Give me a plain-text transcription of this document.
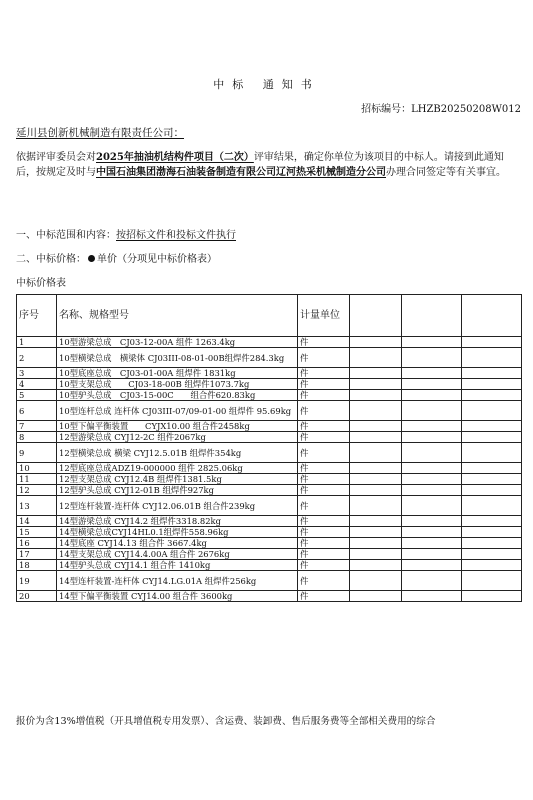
中标 通知书
招标编号：LHZB20250208W012
延川县创新机械制造有限责任公司：
依据评审委员会对2025年抽油机结构件项目（二次）评审结果，确定你单位为该项目的中标人。请接到此通知后，按规定及时与中国石油集团渤海石油装备制造有限公司辽河热采机械制造分公司办理合同签定等有关事宜。
一、中标范围和内容：按招标文件和投标文件执行
二、中标价格： 单价（分项见中标价格表）
中标价格表
序号	名称、规格型号	计量单位	

1	10型游梁总成　CJ03-12-00A 组件 1263.4kg	件	

2	10型横梁总成　横梁体 CJ03III-08-01-00B组焊件284.3kg	件	

3	10型底座总成　CJ03-01-00A 组焊件 1831kg	件	

4	10型支架总成　　CJ03-18-00B 组焊件1073.7kg	件	

5	10型驴头总成　CJ03-15-00C　　组合件620.83kg	件	

6	10型连杆总成 连杆体 CJ03III-07/09-01-00 组焊件 95.69kg	件	

7	10型下偏平衡装置　　CYJX10.00 组合件2458kg	件	

8	12型游梁总成 CYJ12-2C 组件2067kg	件	

9	12型横梁总成 横梁 CYJ12.5.01B 组焊件354kg	件	

10	12型底座总成ADZ19-000000 组件 2825.06kg	件	

11	12型支架总成 CYJ12.4B 组焊件1381.5kg	件	

12	12型驴头总成 CYJ12-01B 组焊件927kg	件	

13	12型连杆装置-连杆体 CYJ12.06.01B 组合件239kg	件	

14	14型游梁总成 CYJ14.2 组焊件3318.82kg	件	

15	14型横梁总成CYJ14HL0.1组焊件558.96kg	件	

16	14型底座 CYJ14.13 组合件 3667.4kg	件	

17	14型支架总成 CYJ14.4.00A 组合件 2676kg	件	

18	14型驴头总成 CYJ14.1 组合件 1410kg	件	

19	14型连杆装置-连杆体 CYJ14.LG.01A 组焊件256kg	件	

20	14型下偏平衡装置 CYJ14.00 组合件 3600kg	件	

报价为含13%增值税（开具增值税专用发票）、含运费、装卸费、售后服务费等全部相关费用的综合
